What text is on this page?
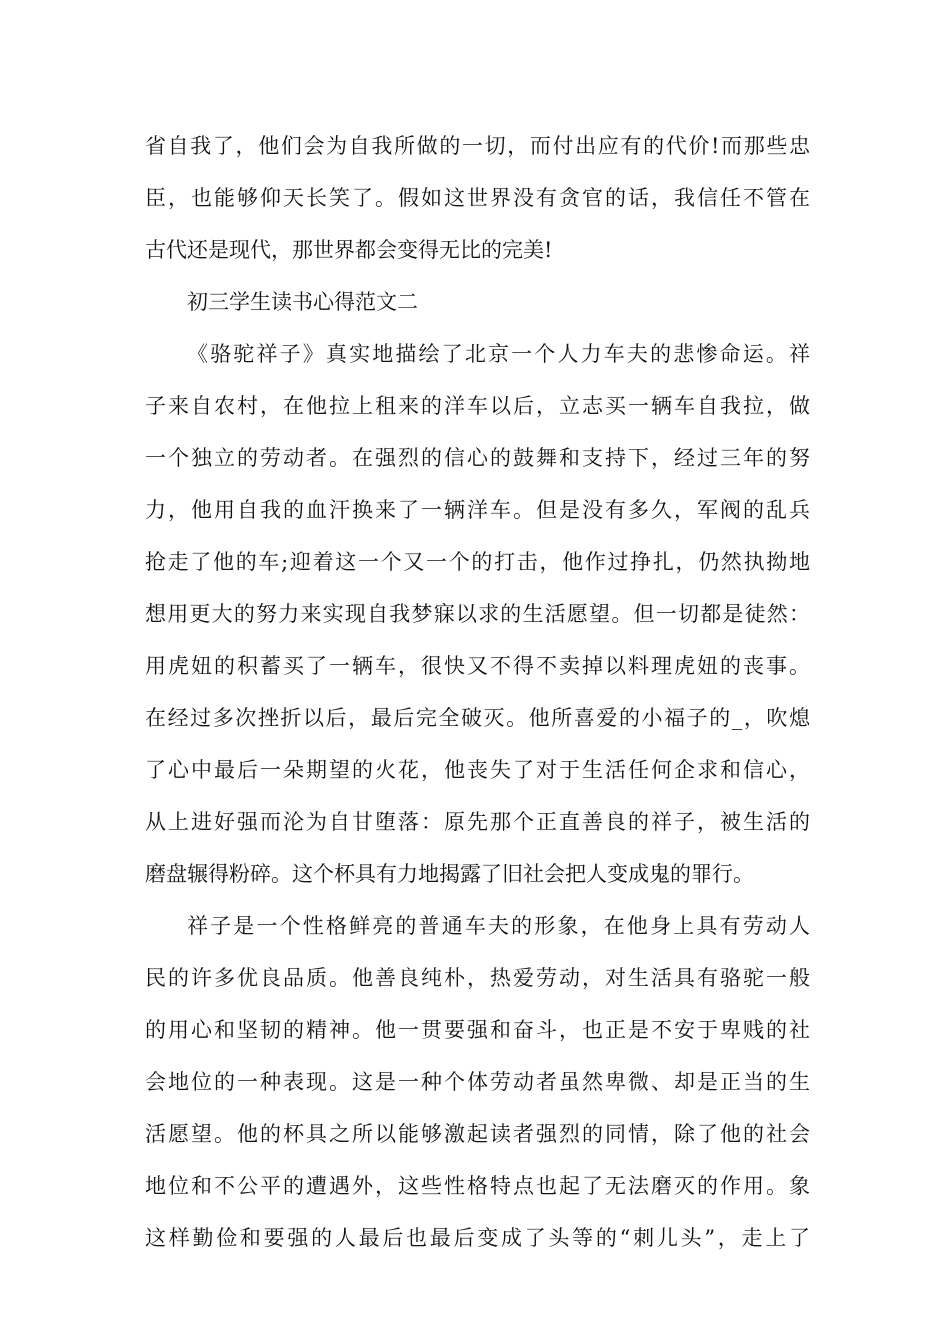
省自我了，他们会为自我所做的一切，而付出应有的代价!而那些忠
臣，也能够仰天长笑了。假如这世界没有贪官的话，我信任不管在
古代还是现代，那世界都会变得无比的完美!
初三学生读书心得范文二
《骆驼祥子》真实地描绘了北京一个人力车夫的悲惨命运。祥
子来自农村，在他拉上租来的洋车以后，立志买一辆车自我拉，做
一个独立的劳动者。在强烈的信心的鼓舞和支持下，经过三年的努
力，他用自我的血汗换来了一辆洋车。但是没有多久，军阀的乱兵
抢走了他的车;迎着这一个又一个的打击，他作过挣扎，仍然执拗地
想用更大的努力来实现自我梦寐以求的生活愿望。但一切都是徒然：
用虎妞的积蓄买了一辆车，很快又不得不卖掉以料理虎妞的丧事。
在经过多次挫折以后，最后完全破灭。他所喜爱的小福子的_，吹熄
了心中最后一朵期望的火花，他丧失了对于生活任何企求和信心，
从上进好强而沦为自甘堕落：原先那个正直善良的祥子，被生活的
磨盘辗得粉碎。这个杯具有力地揭露了旧社会把人变成鬼的罪行。
祥子是一个性格鲜亮的普通车夫的形象，在他身上具有劳动人
民的许多优良品质。他善良纯朴，热爱劳动，对生活具有骆驼一般
的用心和坚韧的精神。他一贯要强和奋斗，也正是不安于卑贱的社
会地位的一种表现。这是一种个体劳动者虽然卑微、却是正当的生
活愿望。他的杯具之所以能够激起读者强烈的同情，除了他的社会
地位和不公平的遭遇外，这些性格特点也起了无法磨灭的作用。象
这样勤俭和要强的人最后也最后变成了头等的“刺儿头”，走上了
